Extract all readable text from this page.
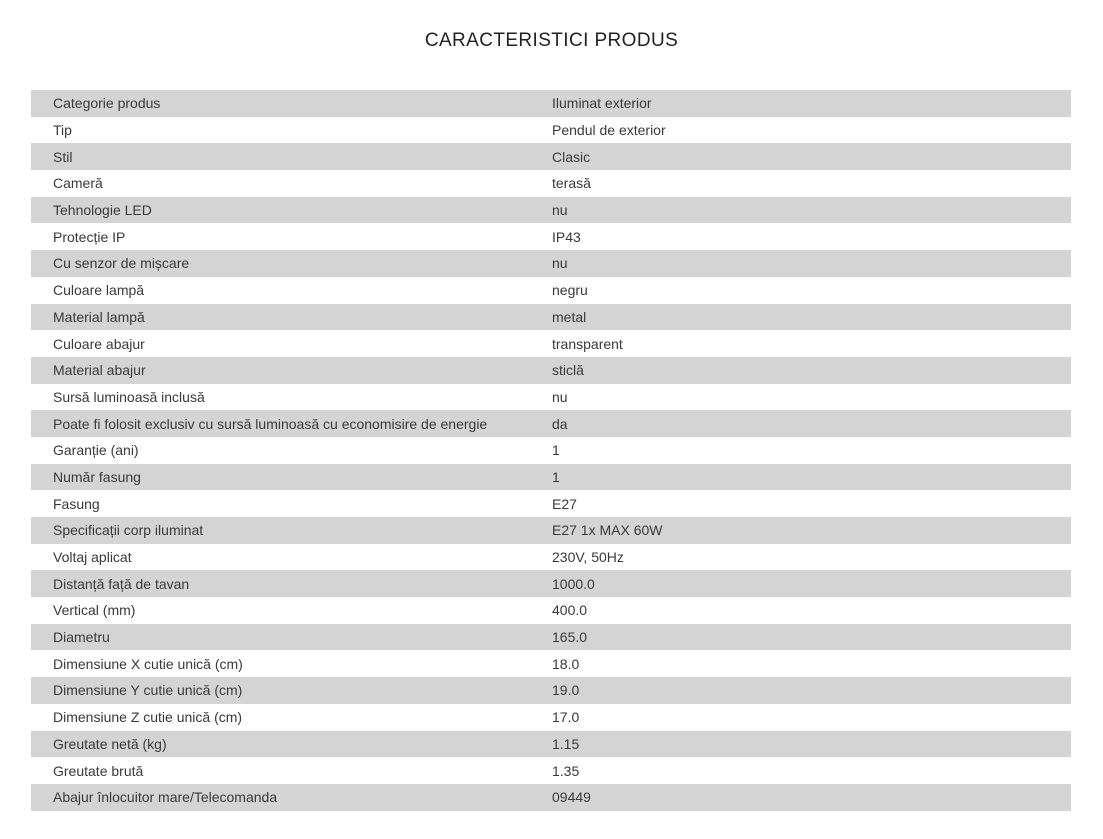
CARACTERISTICI PRODUS
Categorie produs	Iluminat exterior
Tip	Pendul de exterior
Stil	Clasic
Cameră	terasă
Tehnologie LED	nu
Protecție IP	IP43
Cu senzor de mișcare	nu
Culoare lampă	negru
Material lampă	metal
Culoare abajur	transparent
Material abajur	sticlă
Sursă luminoasă inclusă	nu
Poate fi folosit exclusiv cu sursă luminoasă cu economisire de energie	da
Garanție (ani)	1
Număr fasung	1
Fasung	E27
Specificații corp iluminat	E27 1x MAX 60W
Voltaj aplicat	230V, 50Hz
Distanță față de tavan	1000.0
Vertical (mm)	400.0
Diametru	165.0
Dimensiune X cutie unică (cm)	18.0
Dimensiune Y cutie unică (cm)	19.0
Dimensiune Z cutie unică (cm)	17.0
Greutate netă (kg)	1.15
Greutate brută	1.35
Abajur înlocuitor mare/Telecomanda	09449
